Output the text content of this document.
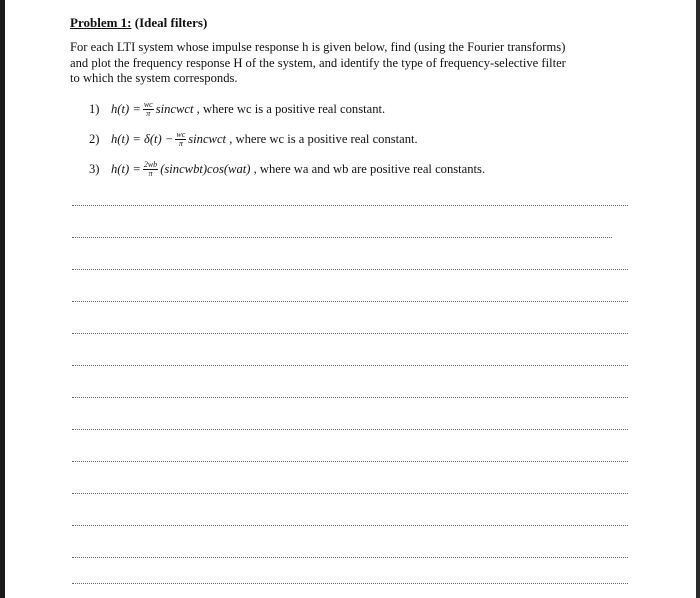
Problem 1: (Ideal filters)
For each LTI system whose impulse response h is given below, find (using the Fourier transforms)
and plot the frequency response H of the system, and identify the type of frequency-selective filter
to which the system corresponds.
1) $h(t) = \frac{wc}{\pi}$ sincwct
, where wc is a positive real constant.
2) $h(t) = \delta(t) - \frac{wc}{\pi}$ sincwct
, where wc is a positive real constant.
3) $h(t) = \frac{2wb}{\pi}$ (sincwbt)cos(wat)
, where wa and wb are positive real constants.
